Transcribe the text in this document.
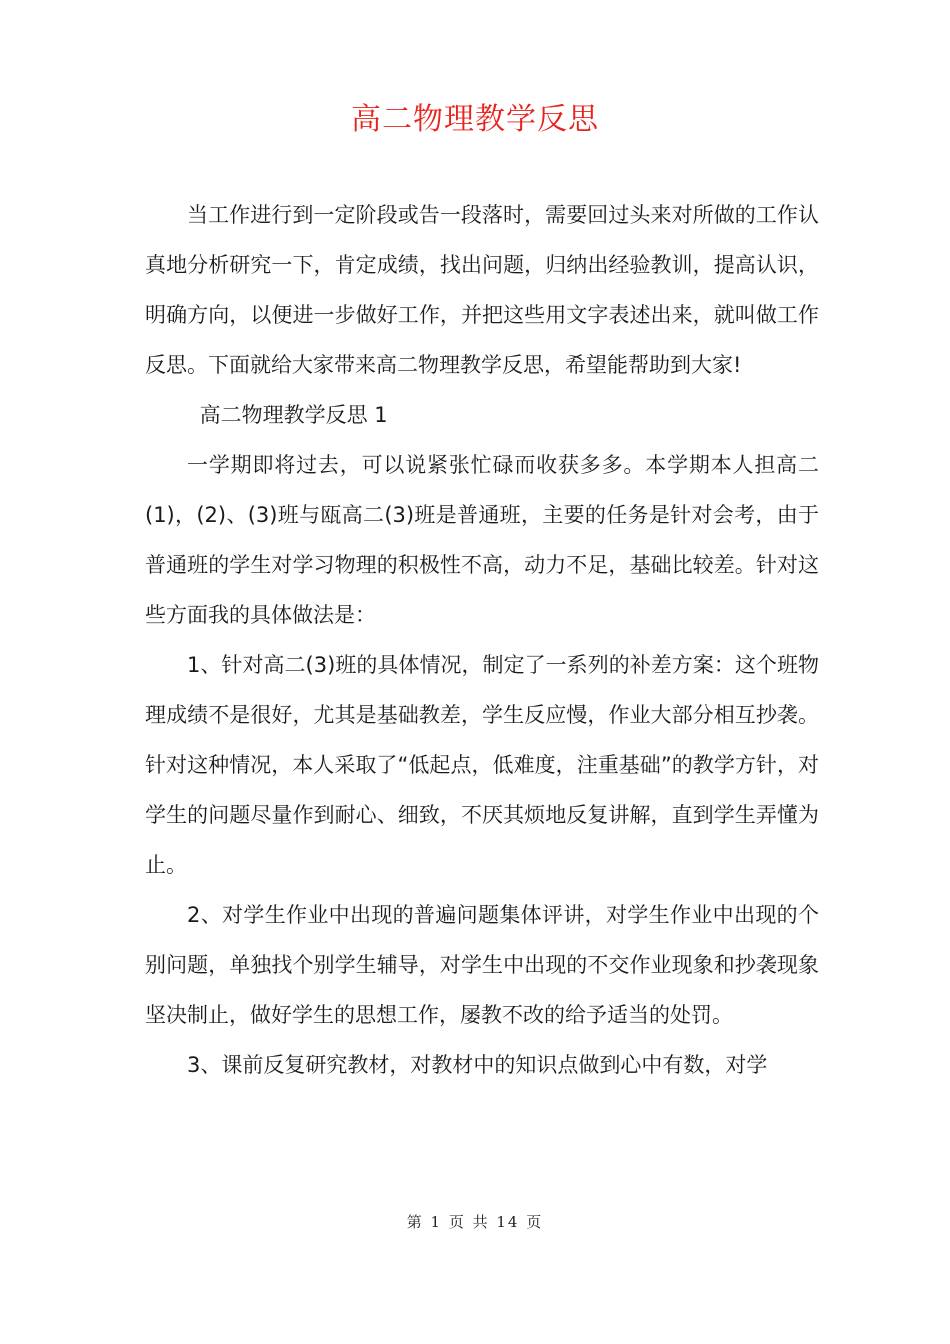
高二物理教学反思

当工作进行到一定阶段或告一段落时，需要回过头来对所做的工作认真地分析研究一下，肯定成绩，找出问题，归纳出经验教训，提高认识，明确方向，以便进一步做好工作，并把这些用文字表述出来，就叫做工作反思。下面就给大家带来高二物理教学反思，希望能帮助到大家!

高二物理教学反思 1

一学期即将过去，可以说紧张忙碌而收获多多。本学期本人担高二(1)，(2)、(3)班与瓯高二(3)班是普通班，主要的任务是针对会考，由于普通班的学生对学习物理的积极性不高，动力不足，基础比较差。针对这些方面我的具体做法是：

1、针对高二(3)班的具体情况，制定了一系列的补差方案：这个班物理成绩不是很好，尤其是基础教差，学生反应慢，作业大部分相互抄袭。针对这种情况，本人采取了“低起点，低难度，注重基础”的教学方针，对学生的问题尽量作到耐心、细致，不厌其烦地反复讲解，直到学生弄懂为止。

2、对学生作业中出现的普遍问题集体评讲，对学生作业中出现的个别问题，单独找个别学生辅导，对学生中出现的不交作业现象和抄袭现象坚决制止，做好学生的思想工作，屡教不改的给予适当的处罚。

3、课前反复研究教材，对教材中的知识点做到心中有数，对学

第 1 页 共 14 页
